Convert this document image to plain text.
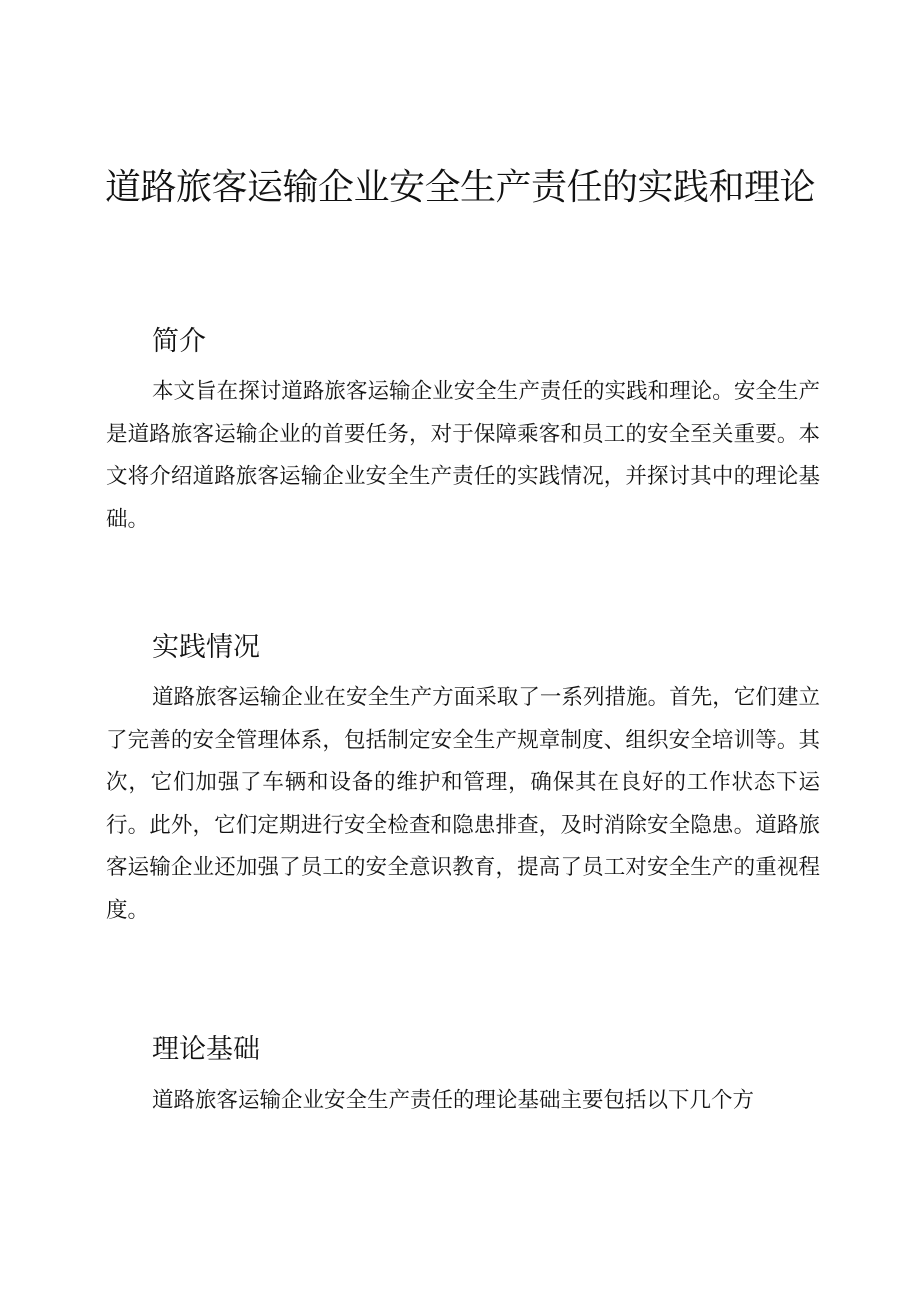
道路旅客运输企业安全生产责任的实践和理论
简介

本文旨在探讨道路旅客运输企业安全生产责任的实践和理论。安全生产是道路旅客运输企业的首要任务，对于保障乘客和员工的安全至关重要。本文将介绍道路旅客运输企业安全生产责任的实践情况，并探讨其中的理论基础。

实践情况

道路旅客运输企业在安全生产方面采取了一系列措施。首先，它们建立了完善的安全管理体系，包括制定安全生产规章制度、组织安全培训等。其次，它们加强了车辆和设备的维护和管理，确保其在良好的工作状态下运行。此外，它们定期进行安全检查和隐患排查，及时消除安全隐患。道路旅客运输企业还加强了员工的安全意识教育，提高了员工对安全生产的重视程度。

理论基础

道路旅客运输企业安全生产责任的理论基础主要包括以下几个方
